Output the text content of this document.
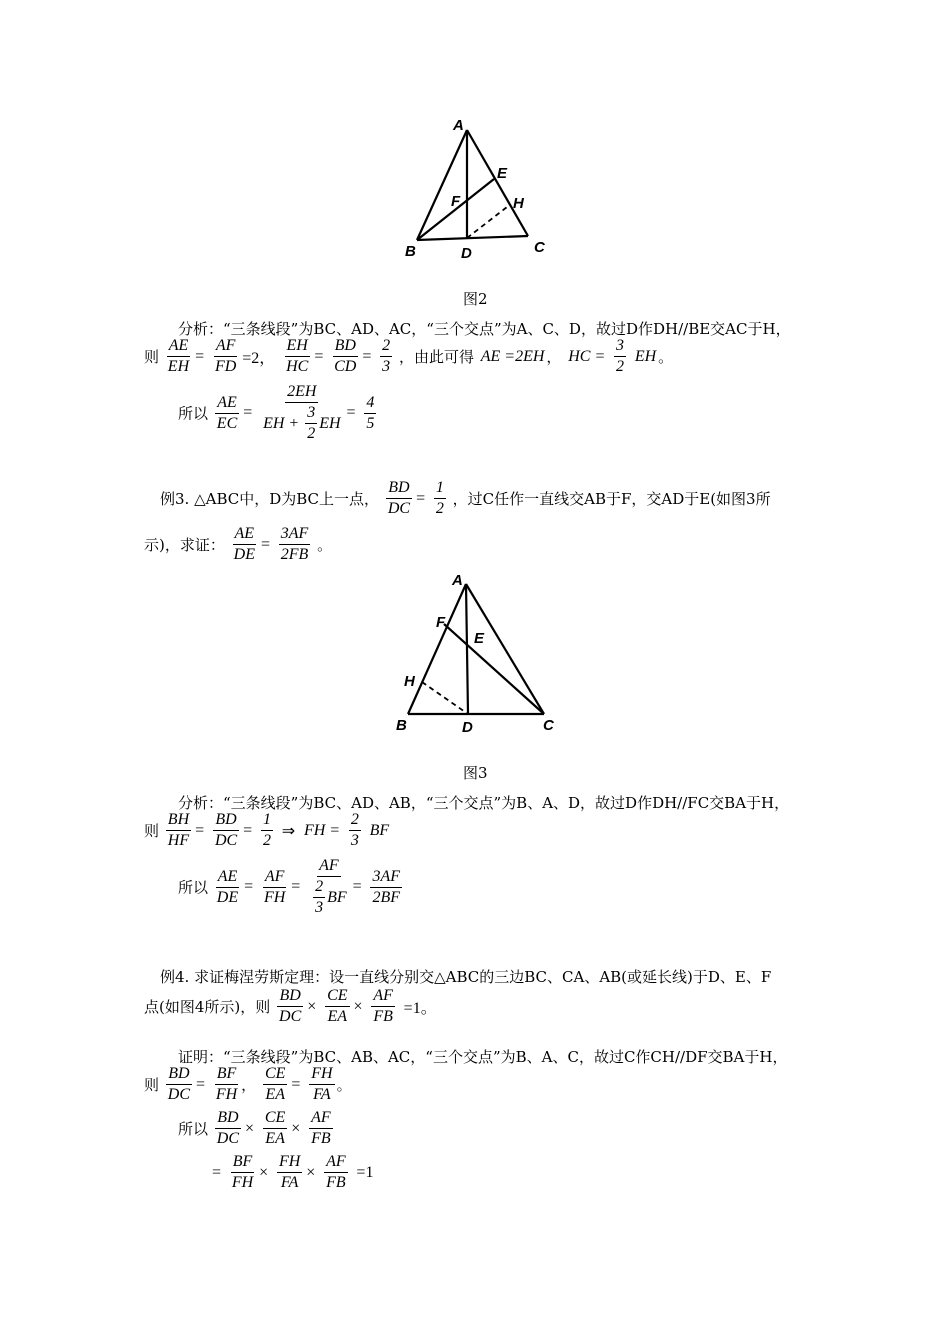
A
E
F	H
B	D	C
图2
分析：“三条线段”为BC、AD、AC，“三个交点”为A、C、D，故过D作DH//BE交AC于H，
则 $\frac{AE}{EH} = \frac{AF}{FD} =2$， $\frac{EH}{HC} = \frac{BD}{CD} = \frac{2}{3}$ ，由此可得 AE =2EH ， HC = $\frac{3}{2}$ EH 。
所以 $\frac{AE}{EC} = 2EH$
EH +
$\frac{3}{2}$ EH = $\frac{4}{5}$
例3. △ABC中，D为BC上一点， $\frac{BD}{DC} = \frac{1}{2}$ ，过C任作一直线交AB于F，交AD于E(如图3所
示)，求证： $\frac{AE}{DE} = \frac{3AF}{2FB}$ 。
A
F
E
H
B	D	C
图3
分析：“三条线段”为BC、AD、AB，“三个交点”为B、A、D，故过D作DH//FC交BA于H，
则 $\frac{BH}{HF} = \frac{BD}{DC} = \frac{1}{2}$ ⇒ FH = $\frac{2}{3}$ BF
所以 $\frac{AE}{DE} = \frac{AF}{FH} = \frac{AF}{\frac{2}{3} BF} = \frac{3AF}{2BF}$
例4. 求证梅涅劳斯定理：设一直线分别交△ABC的三边BC、CA、AB(或延长线)于D、E、F
点(如图4所示)，则 $\frac{BD}{DC} \times \frac{CE}{EA} \times \frac{AF}{FB} =1$。
证明：“三条线段”为BC、AB、AC，“三个交点”为B、A、C，故过C作CH//DF交BA于H，
则 $\frac{BD}{DC} = \frac{BF}{FH}$ ， $\frac{CE}{EA} = \frac{FH}{FA}$ 。
所以 $\frac{BD}{DC} \times \frac{CE}{EA} \times \frac{AF}{FB}$
= $\frac{BF}{FH} \times \frac{FH}{FA} \times \frac{AF}{FB} =1$
